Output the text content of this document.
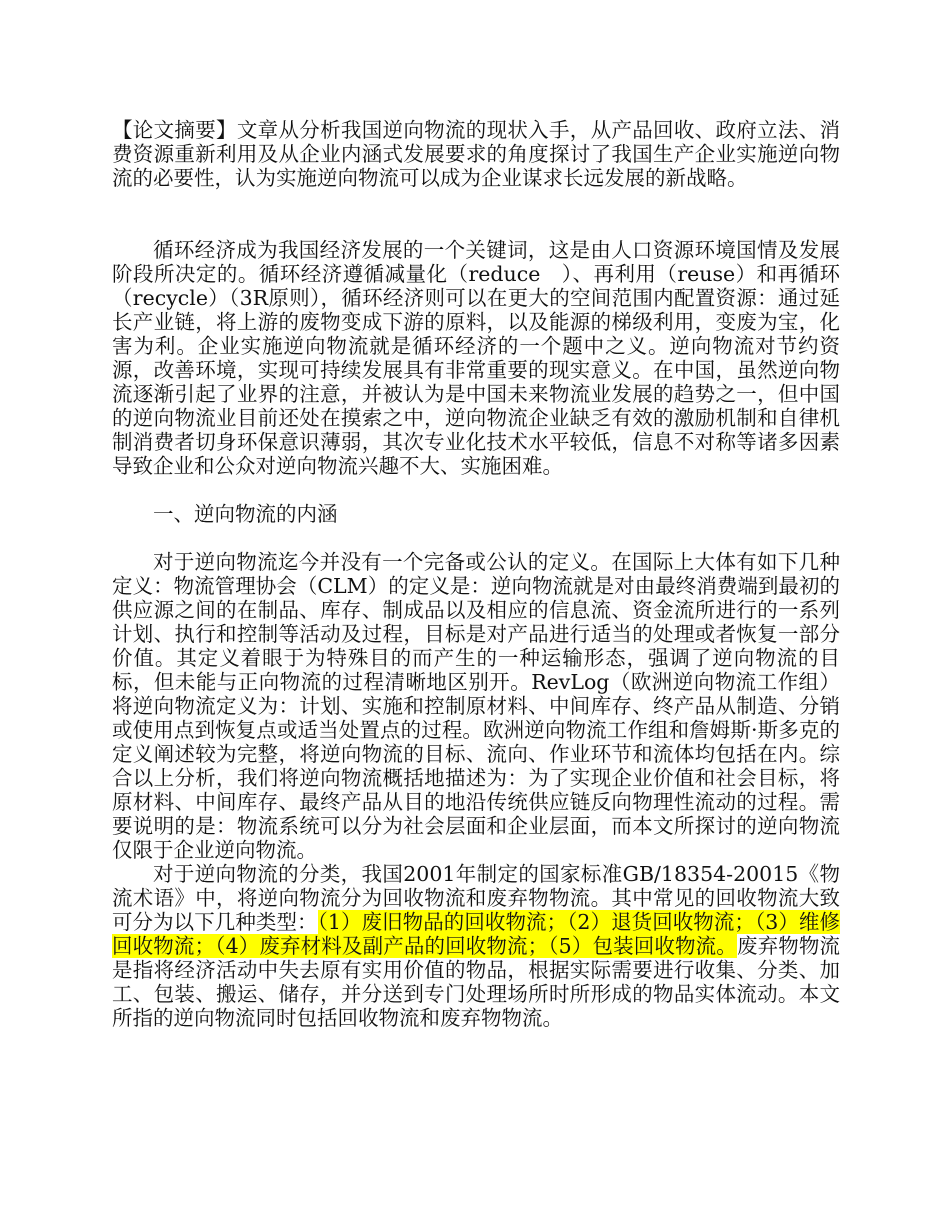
【论文摘要】文章从分析我国逆向物流的现状入手，从产品回收、政府立法、消费资源重新利用及从企业内涵式发展要求的角度探讨了我国生产企业实施逆向物流的必要性，认为实施逆向物流可以成为企业谋求长远发展的新战略。

循环经济成为我国经济发展的一个关键词，这是由人口资源环境国情及发展阶段所决定的。循环经济遵循减量化（reduce　）、再利用（reuse）和再循环（recycle）（3R原则），循环经济则可以在更大的空间范围内配置资源：通过延长产业链，将上游的废物变成下游的原料，以及能源的梯级利用，变废为宝，化害为利。企业实施逆向物流就是循环经济的一个题中之义。逆向物流对节约资源，改善环境，实现可持续发展具有非常重要的现实意义。在中国，虽然逆向物流逐渐引起了业界的注意，并被认为是中国未来物流业发展的趋势之一，但中国的逆向物流业目前还处在摸索之中，逆向物流企业缺乏有效的激励机制和自律机制消费者切身环保意识薄弱，其次专业化技术水平较低，信息不对称等诸多因素导致企业和公众对逆向物流兴趣不大、实施困难。

一、逆向物流的内涵

对于逆向物流迄今并没有一个完备或公认的定义。在国际上大体有如下几种定义：物流管理协会（CLM）的定义是：逆向物流就是对由最终消费端到最初的供应源之间的在制品、库存、制成品以及相应的信息流、资金流所进行的一系列计划、执行和控制等活动及过程，目标是对产品进行适当的处理或者恢复一部分价值。其定义着眼于为特殊目的而产生的一种运输形态，强调了逆向物流的目标，但未能与正向物流的过程清晰地区别开。RevLog（欧洲逆向物流工作组）将逆向物流定义为：计划、实施和控制原材料、中间库存、终产品从制造、分销或使用点到恢复点或适当处置点的过程。欧洲逆向物流工作组和詹姆斯·斯多克的定义阐述较为完整，将逆向物流的目标、流向、作业环节和流体均包括在内。综合以上分析，我们将逆向物流概括地描述为：为了实现企业价值和社会目标，将原材料、中间库存、最终产品从目的地沿传统供应链反向物理性流动的过程。需要说明的是：物流系统可以分为社会层面和企业层面，而本文所探讨的逆向物流仅限于企业逆向物流。

对于逆向物流的分类，我国2001年制定的国家标准GB/18354-20015《物流术语》中，将逆向物流分为回收物流和废弃物物流。其中常见的回收物流大致可分为以下几种类型：（1）废旧物品的回收物流；（2）退货回收物流；（3）维修回收物流；（4）废弃材料及副产品的回收物流；（5）包装回收物流。废弃物物流是指将经济活动中失去原有实用价值的物品，根据实际需要进行收集、分类、加工、包装、搬运、储存，并分送到专门处理场所时所形成的物品实体流动。本文所指的逆向物流同时包括回收物流和废弃物物流。
